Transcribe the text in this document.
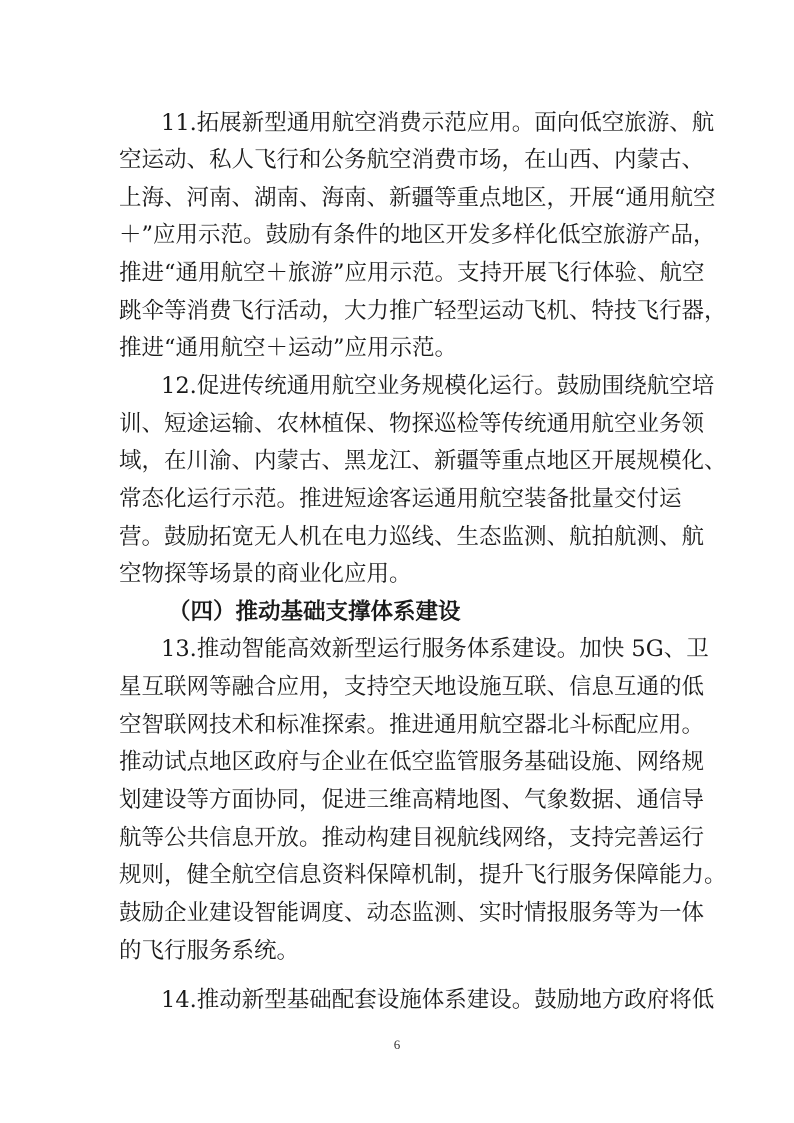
11.拓展新型通用航空消费示范应用。面向低空旅游、航
空运动、私人飞行和公务航空消费市场，在山西、内蒙古、
上海、河南、湖南、海南、新疆等重点地区，开展“通用航空
＋”应用示范。鼓励有条件的地区开发多样化低空旅游产品，
推进“通用航空＋旅游”应用示范。支持开展飞行体验、航空
跳伞等消费飞行活动，大力推广轻型运动飞机、特技飞行器，
推进“通用航空＋运动”应用示范。
12.促进传统通用航空业务规模化运行。鼓励围绕航空培
训、短途运输、农林植保、物探巡检等传统通用航空业务领
域，在川渝、内蒙古、黑龙江、新疆等重点地区开展规模化、
常态化运行示范。推进短途客运通用航空装备批量交付运
营。鼓励拓宽无人机在电力巡线、生态监测、航拍航测、航
空物探等场景的商业化应用。
（四）推动基础支撑体系建设
13.推动智能高效新型运行服务体系建设。加快 5G、卫
星互联网等融合应用，支持空天地设施互联、信息互通的低
空智联网技术和标准探索。推进通用航空器北斗标配应用。
推动试点地区政府与企业在低空监管服务基础设施、网络规
划建设等方面协同，促进三维高精地图、气象数据、通信导
航等公共信息开放。推动构建目视航线网络，支持完善运行
规则，健全航空信息资料保障机制，提升飞行服务保障能力。
鼓励企业建设智能调度、动态监测、实时情报服务等为一体
的飞行服务系统。
14.推动新型基础配套设施体系建设。鼓励地方政府将低
6
